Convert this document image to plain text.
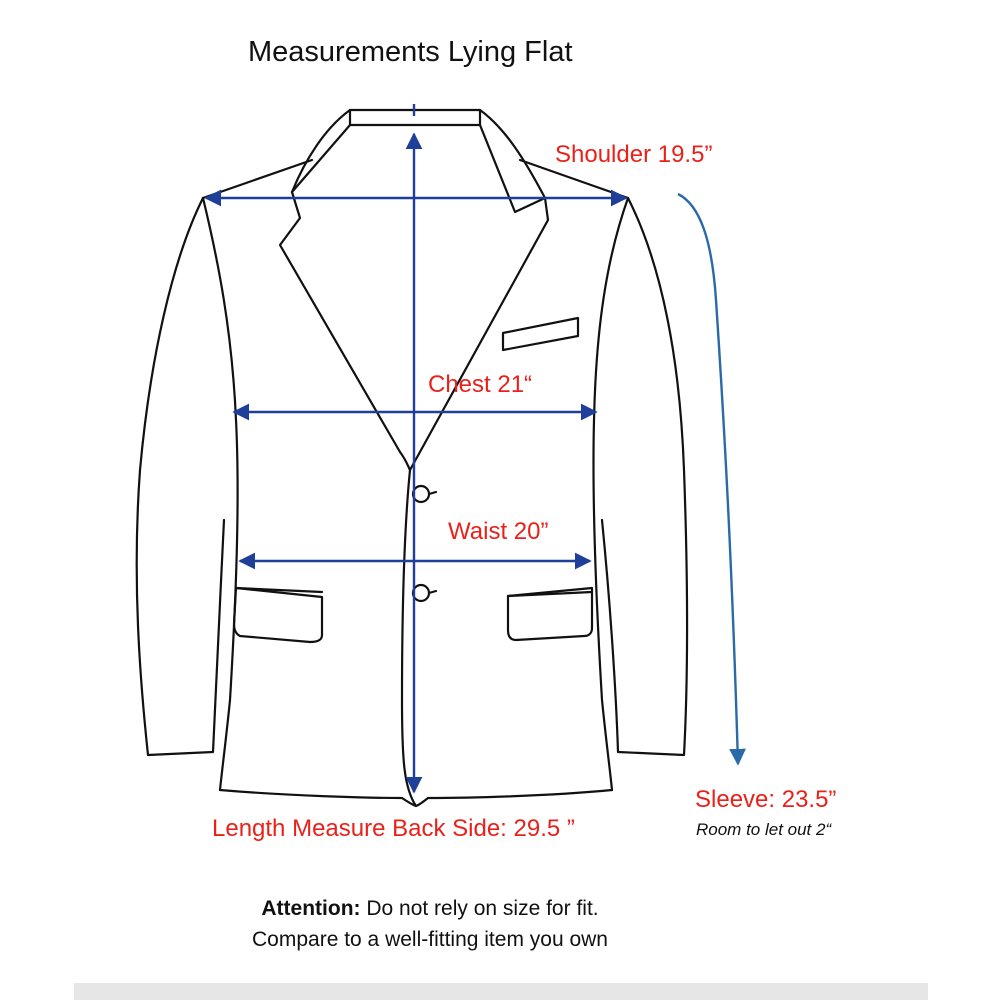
Measurements Lying Flat
Shoulder 19.5”
Chest 21“
Waist 20”
Sleeve: 23.5”
Room to let out 2“
Length Measure Back Side: 29.5 ”
Attention: Do not rely on size for fit.
Compare to a well-fitting item you own
